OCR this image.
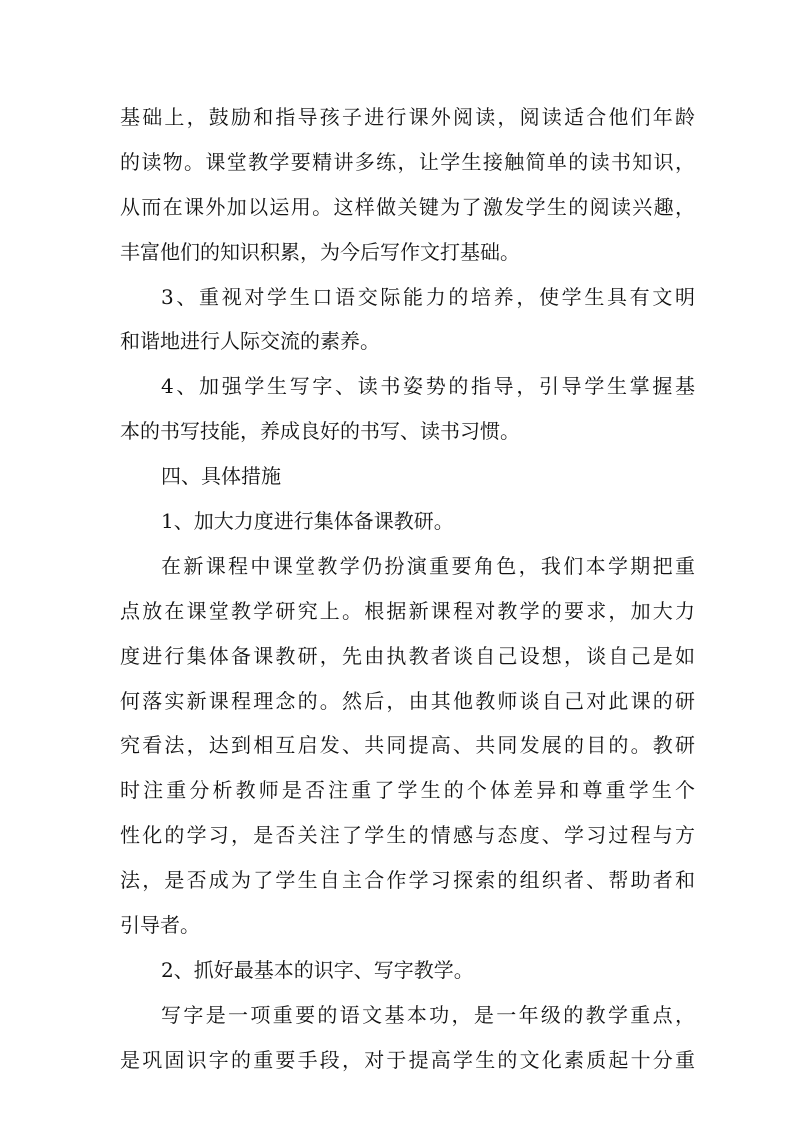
基础上，鼓励和指导孩子进行课外阅读，阅读适合他们年龄
的读物。课堂教学要精讲多练，让学生接触简单的读书知识，
从而在课外加以运用。这样做关键为了激发学生的阅读兴趣，
丰富他们的知识积累，为今后写作文打基础。
3、重视对学生口语交际能力的培养，使学生具有文明
和谐地进行人际交流的素养。
4、加强学生写字、读书姿势的指导，引导学生掌握基
本的书写技能，养成良好的书写、读书习惯。
四、具体措施
1、加大力度进行集体备课教研。
在新课程中课堂教学仍扮演重要角色，我们本学期把重
点放在课堂教学研究上。根据新课程对教学的要求，加大力
度进行集体备课教研，先由执教者谈自己设想，谈自己是如
何落实新课程理念的。然后，由其他教师谈自己对此课的研
究看法，达到相互启发、共同提高、共同发展的目的。教研
时注重分析教师是否注重了学生的个体差异和尊重学生个
性化的学习，是否关注了学生的情感与态度、学习过程与方
法，是否成为了学生自主合作学习探索的组织者、帮助者和
引导者。
2、抓好最基本的识字、写字教学。
写字是一项重要的语文基本功，是一年级的教学重点，
是巩固识字的重要手段，对于提高学生的文化素质起十分重
